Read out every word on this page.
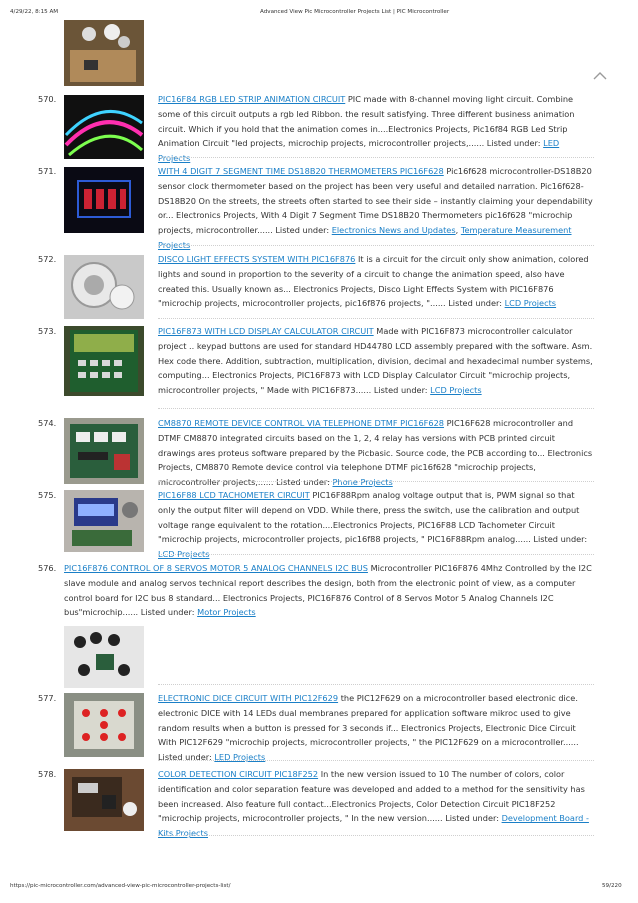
4/29/22, 8:15 AM	Advanced View Pic Microcontroller Projects List | PIC Microcontroller
570.	PIC16F84 RGB LED STRIP ANIMATION CIRCUIT PIC made with 8-channel moving light circuit. Combine some of this circuit outputs a rgb led Ribbon. the result satisfying. Three different business animation circuit. Which if you hold that the animation comes in....Electronics Projects, Pic16f84 RGB Led Strip Animation Circuit "led projects, microchip projects, microcontroller projects,...... Listed under: LED Projects
571.	WITH 4 DIGIT 7 SEGMENT TIME DS18B20 THERMOMETERS PIC16F628 Pic16f628 microcontroller-DS18B20 sensor clock thermometer based on the project has been very useful and detailed narration. Pic16f628-DS18B20 On the streets, the streets often started to see their side – instantly claiming your dependability or... Electronics Projects, With 4 Digit 7 Segment Time DS18B20 Thermometers pic16f628 "microchip projects, microcontroller...... Listed under: Electronics News and Updates, Temperature Measurement Projects
572.	DISCO LIGHT EFFECTS SYSTEM WITH PIC16F876 It is a circuit for the circuit only show animation, colored lights and sound in proportion to the severity of a circuit to change the animation speed, also have created this. Usually known as... Electronics Projects, Disco Light Effects System with PIC16F876 "microchip projects, microcontroller projects, pic16f876 projects, "...... Listed under: LCD Projects
573.	PIC16F873 WITH LCD DISPLAY CALCULATOR CIRCUIT Made with PIC16F873 microcontroller calculator project .. keypad buttons are used for standard HD44780 LCD assembly prepared with the software. Asm. Hex code there. Addition, subtraction, multiplication, division, decimal and hexadecimal number systems, computing... Electronics Projects, PIC16F873 with LCD Display Calculator Circuit "microchip projects, microcontroller projects, " Made with PIC16F873...... Listed under: LCD Projects
574.	CM8870 REMOTE DEVICE CONTROL VIA TELEPHONE DTMF PIC16F628 PIC16F628 microcontroller and DTMF CM8870 integrated circuits based on the 1, 2, 4 relay has versions with PCB printed circuit drawings ares proteus software prepared by the Picbasic. Source code, the PCB according to... Electronics Projects, CM8870 Remote device control via telephone DTMF pic16f628 "microchip projects, microcontroller projects,...... Listed under: Phone Projects
575.	PIC16F88 LCD TACHOMETER CIRCUIT PIC16F88Rpm analog voltage output that is, PWM signal so that only the output filter will depend on VDD. While there, press the switch, use the calibration and output voltage range equivalent to the rotation....Electronics Projects, PIC16F88 LCD Tachometer Circuit "microchip projects, microcontroller projects, pic16f88 projects, " PIC16F88Rpm analog...... Listed under: LCD Projects
576. PIC16F876 CONTROL OF 8 SERVOS MOTOR 5 ANALOG CHANNELS I2C BUS Microcontroller PIC16F876 4Mhz Controlled by the I2C slave module and analog servos technical report describes the design, both from the electronic point of view, as a computer control board for I2C bus 8 standard... Electronics Projects, PIC16F876 Control of 8 Servos Motor 5 Analog Channels I2C bus"microchip...... Listed under: Motor Projects
577.	ELECTRONIC DICE CIRCUIT WITH PIC12F629 the PIC12F629 on a microcontroller based electronic dice. electronic DICE with 14 LEDs dual membranes prepared for application software mikroc used to give random results when a button is pressed for 3 seconds if... Electronics Projects, Electronic Dice Circuit With PIC12F629 "microchip projects, microcontroller projects, " the PIC12F629 on a microcontroller...... Listed under: LED Projects
578.	COLOR DETECTION CIRCUIT PIC18F252 In the new version issued to 10 The number of colors, color identification and color separation feature was developed and added to a method for the sensitivity has been increased. Also feature full contact...Electronics Projects, Color Detection Circuit PIC18F252 "microchip projects, microcontroller projects, " In the new version...... Listed under: Development Board - Kits Projects
https://pic-microcontroller.com/advanced-view-pic-microcontroller-projects-list/	59/220
